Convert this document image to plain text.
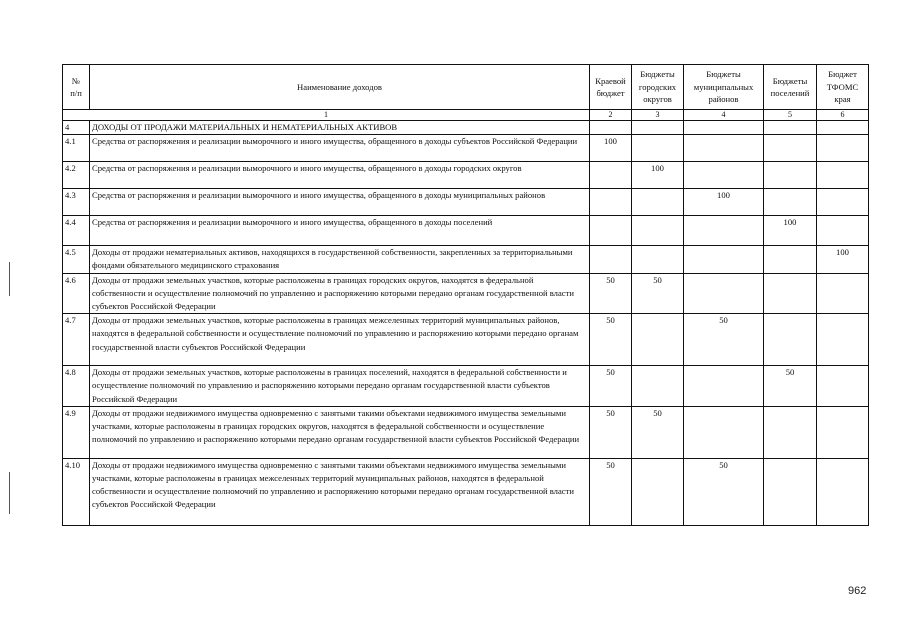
№
п/п	Наименование доходов	Краевой бюджет	Бюджеты городских округов	Бюджеты муниципальных районов	Бюджеты поселений	Бюджет ТФОМС края
1		2	3	4	5	6
4	ДОХОДЫ ОТ ПРОДАЖИ МАТЕРИАЛЬНЫХ И НЕМАТЕРИАЛЬНЫХ АКТИВОВ					
4.1	Средства от распоряжения и реализации выморочного и иного имущества, обращенного в доходы субъектов Российской Федерации	100				
4.2	Средства от распоряжения и реализации выморочного и иного имущества, обращенного в доходы городских округов		100			
4.3	Средства от распоряжения и реализации выморочного и иного имущества, обращенного в доходы муниципальных районов			100		
4.4	Средства от распоряжения и реализации выморочного и иного имущества, обращенного в доходы поселений				100	
4.5	Доходы от продажи нематериальных активов, находящихся в государственной собственности, закрепленных за территориальными фондами обязательного медицинского страхования					100
4.6	Доходы от продажи земельных участков, которые расположены в границах городских округов, находятся в федеральной собственности и осуществление полномочий по управлению и распоряжению которыми передано органам государственной власти субъектов Российской Федерации	50	50			
4.7	Доходы от продажи земельных участков, которые расположены в границах межселенных территорий муниципальных районов, находятся в федеральной собственности и осуществление полномочий по управлению и распоряжению которыми передано органам государственной власти субъектов Российской Федерации	50		50		
4.8	Доходы от продажи земельных участков, которые расположены в границах поселений, находятся в федеральной собственности и осуществление полномочий по управлению и распоряжению которыми передано органам государственной власти субъектов Российской Федерации	50			50	
4.9	Доходы от продажи недвижимого имущества одновременно с занятыми такими объектами недвижимого имущества земельными участками, которые расположены в границах городских округов, находятся в федеральной собственности и осуществление полномочий по управлению и распоряжению которыми передано органам государственной власти субъектов Российской Федерации	50	50			
4.10	Доходы от продажи недвижимого имущества одновременно с занятыми такими объектами недвижимого имущества земельными участками, которые расположены в границах межселенных территорий муниципальных районов, находятся в федеральной собственности и осуществление полномочий по управлению и распоряжению которыми передано органам государственной власти субъектов Российской Федерации	50		50		
962
